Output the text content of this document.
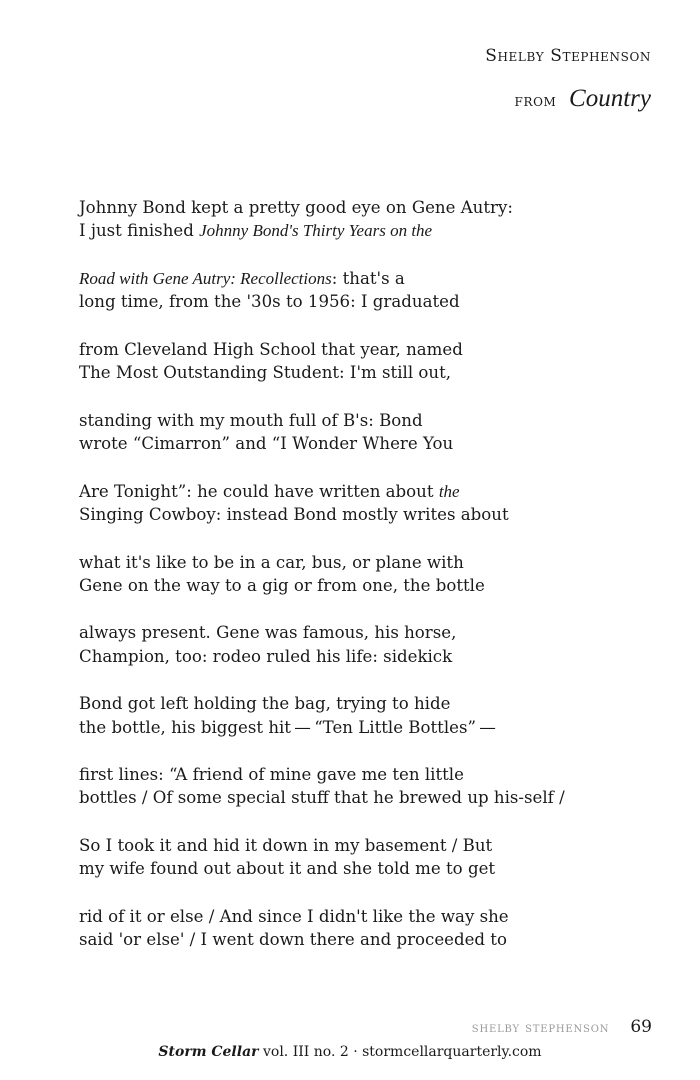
Shelby Stephenson
from Country
Johnny Bond kept a pretty good eye on Gene Autry:
I just finished Johnny Bond's Thirty Years on the
Road with Gene Autry: Recollections: that's a
long time, from the '30s to 1956: I graduated
from Cleveland High School that year, named
The Most Outstanding Student: I'm still out,
standing with my mouth full of B's: Bond
wrote “Cimarron” and “I Wonder Where You
Are Tonight”: he could have written about the
Singing Cowboy: instead Bond mostly writes about
what it's like to be in a car, bus, or plane with
Gene on the way to a gig or from one, the bottle
always present. Gene was famous, his horse,
Champion, too: rodeo ruled his life: sidekick
Bond got left holding the bag, trying to hide
the bottle, his biggest hit — “Ten Little Bottles” —
first lines: “A friend of mine gave me ten little
bottles / Of some special stuff that he brewed up his-self /
So I took it and hid it down in my basement / But
my wife found out about it and she told me to get
rid of it or else / And since I didn't like the way she
said 'or else' / I went down there and proceeded to
shelby stephenson 69
Storm Cellar vol. III no. 2 · stormcellarquarterly.com
